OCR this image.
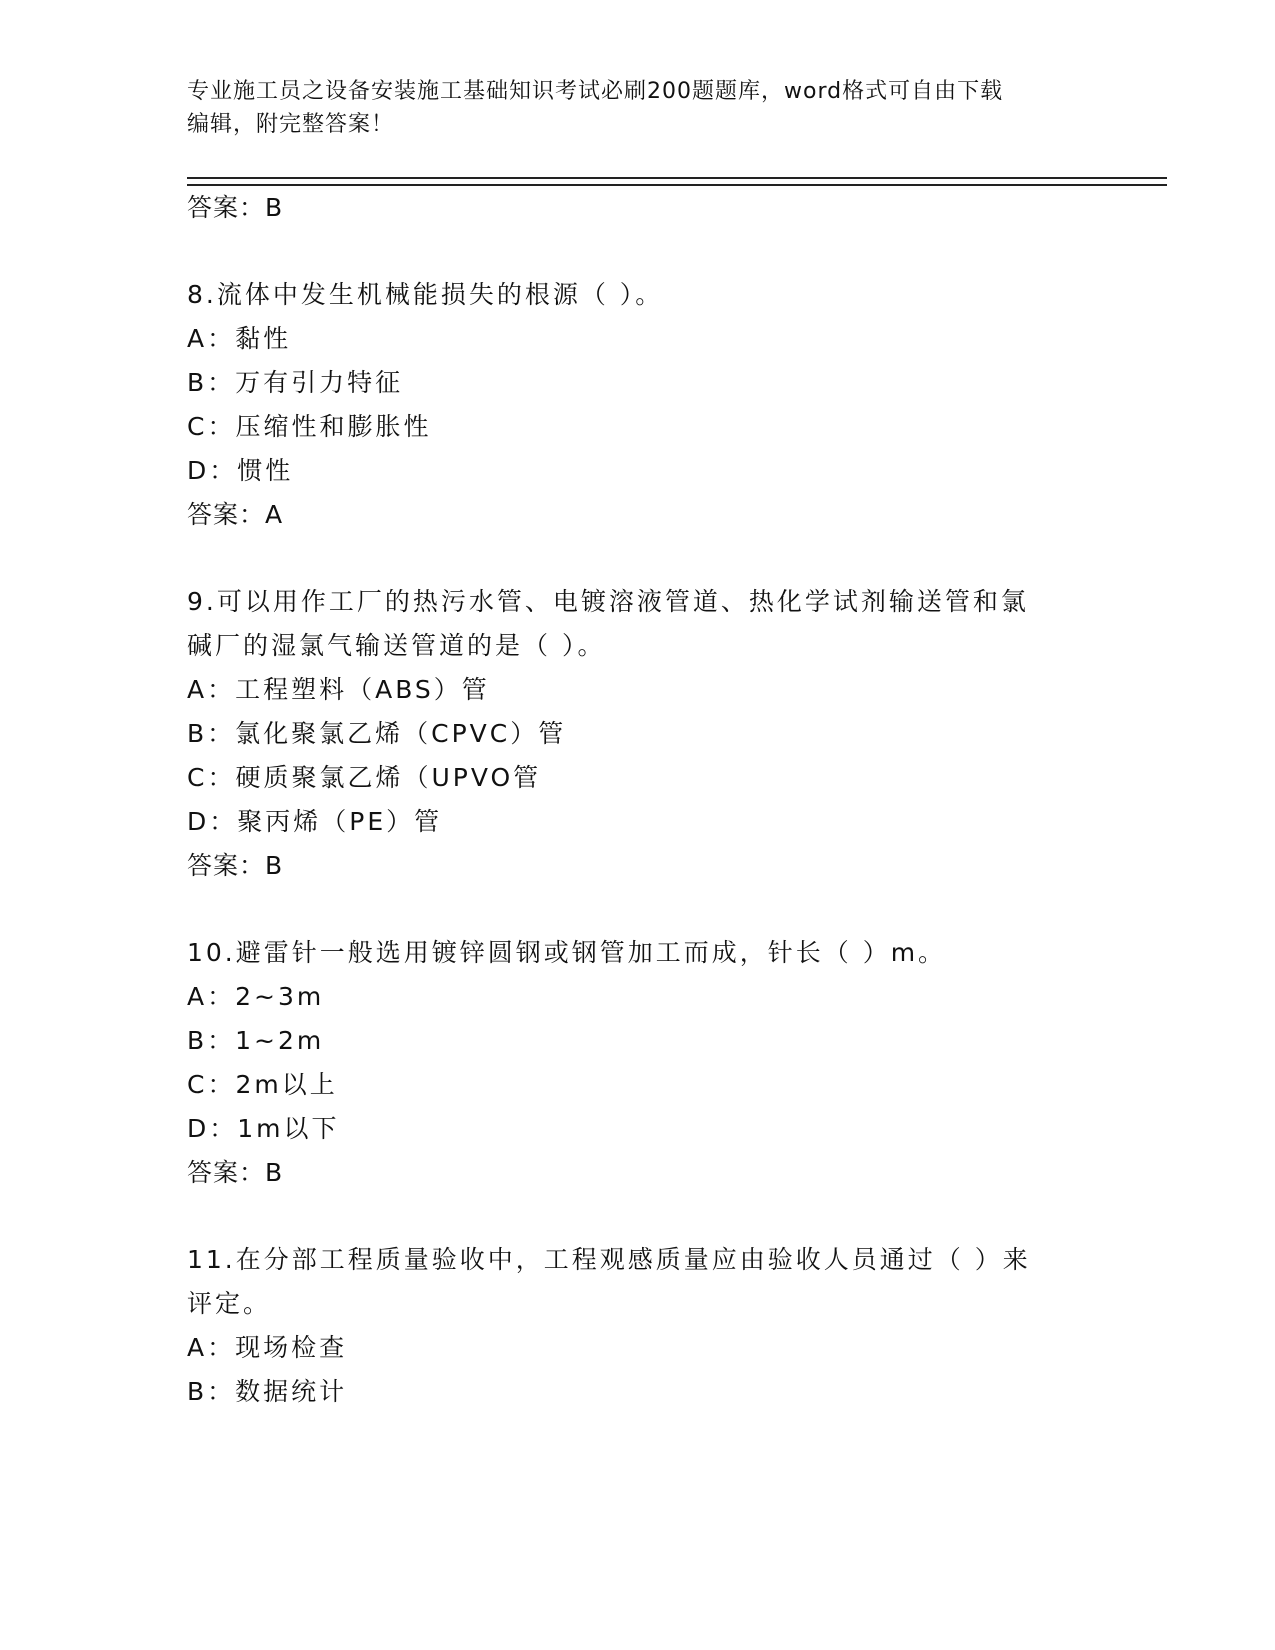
专业施工员之设备安装施工基础知识考试必刷200题题库，word格式可自由下载
编辑，附完整答案！
答案：B
8.流体中发生机械能损失的根源（ ）。
A：黏性
B：万有引力特征
C：压缩性和膨胀性
D：惯性
答案：A
9.可以用作工厂的热污水管、电镀溶液管道、热化学试剂输送管和氯
碱厂的湿氯气输送管道的是（ ）。
A：工程塑料（ABS）管
B：氯化聚氯乙烯（CPVC）管
C：硬质聚氯乙烯（UPVO管
D：聚丙烯（PE）管
答案：B
10.避雷针一般选用镀锌圆钢或钢管加工而成，针长（ ）m。
A：2~3m
B：1~2m
C：2m以上
D：1m以下
答案：B
11.在分部工程质量验收中，工程观感质量应由验收人员通过（ ）来
评定。
A：现场检查
B：数据统计
